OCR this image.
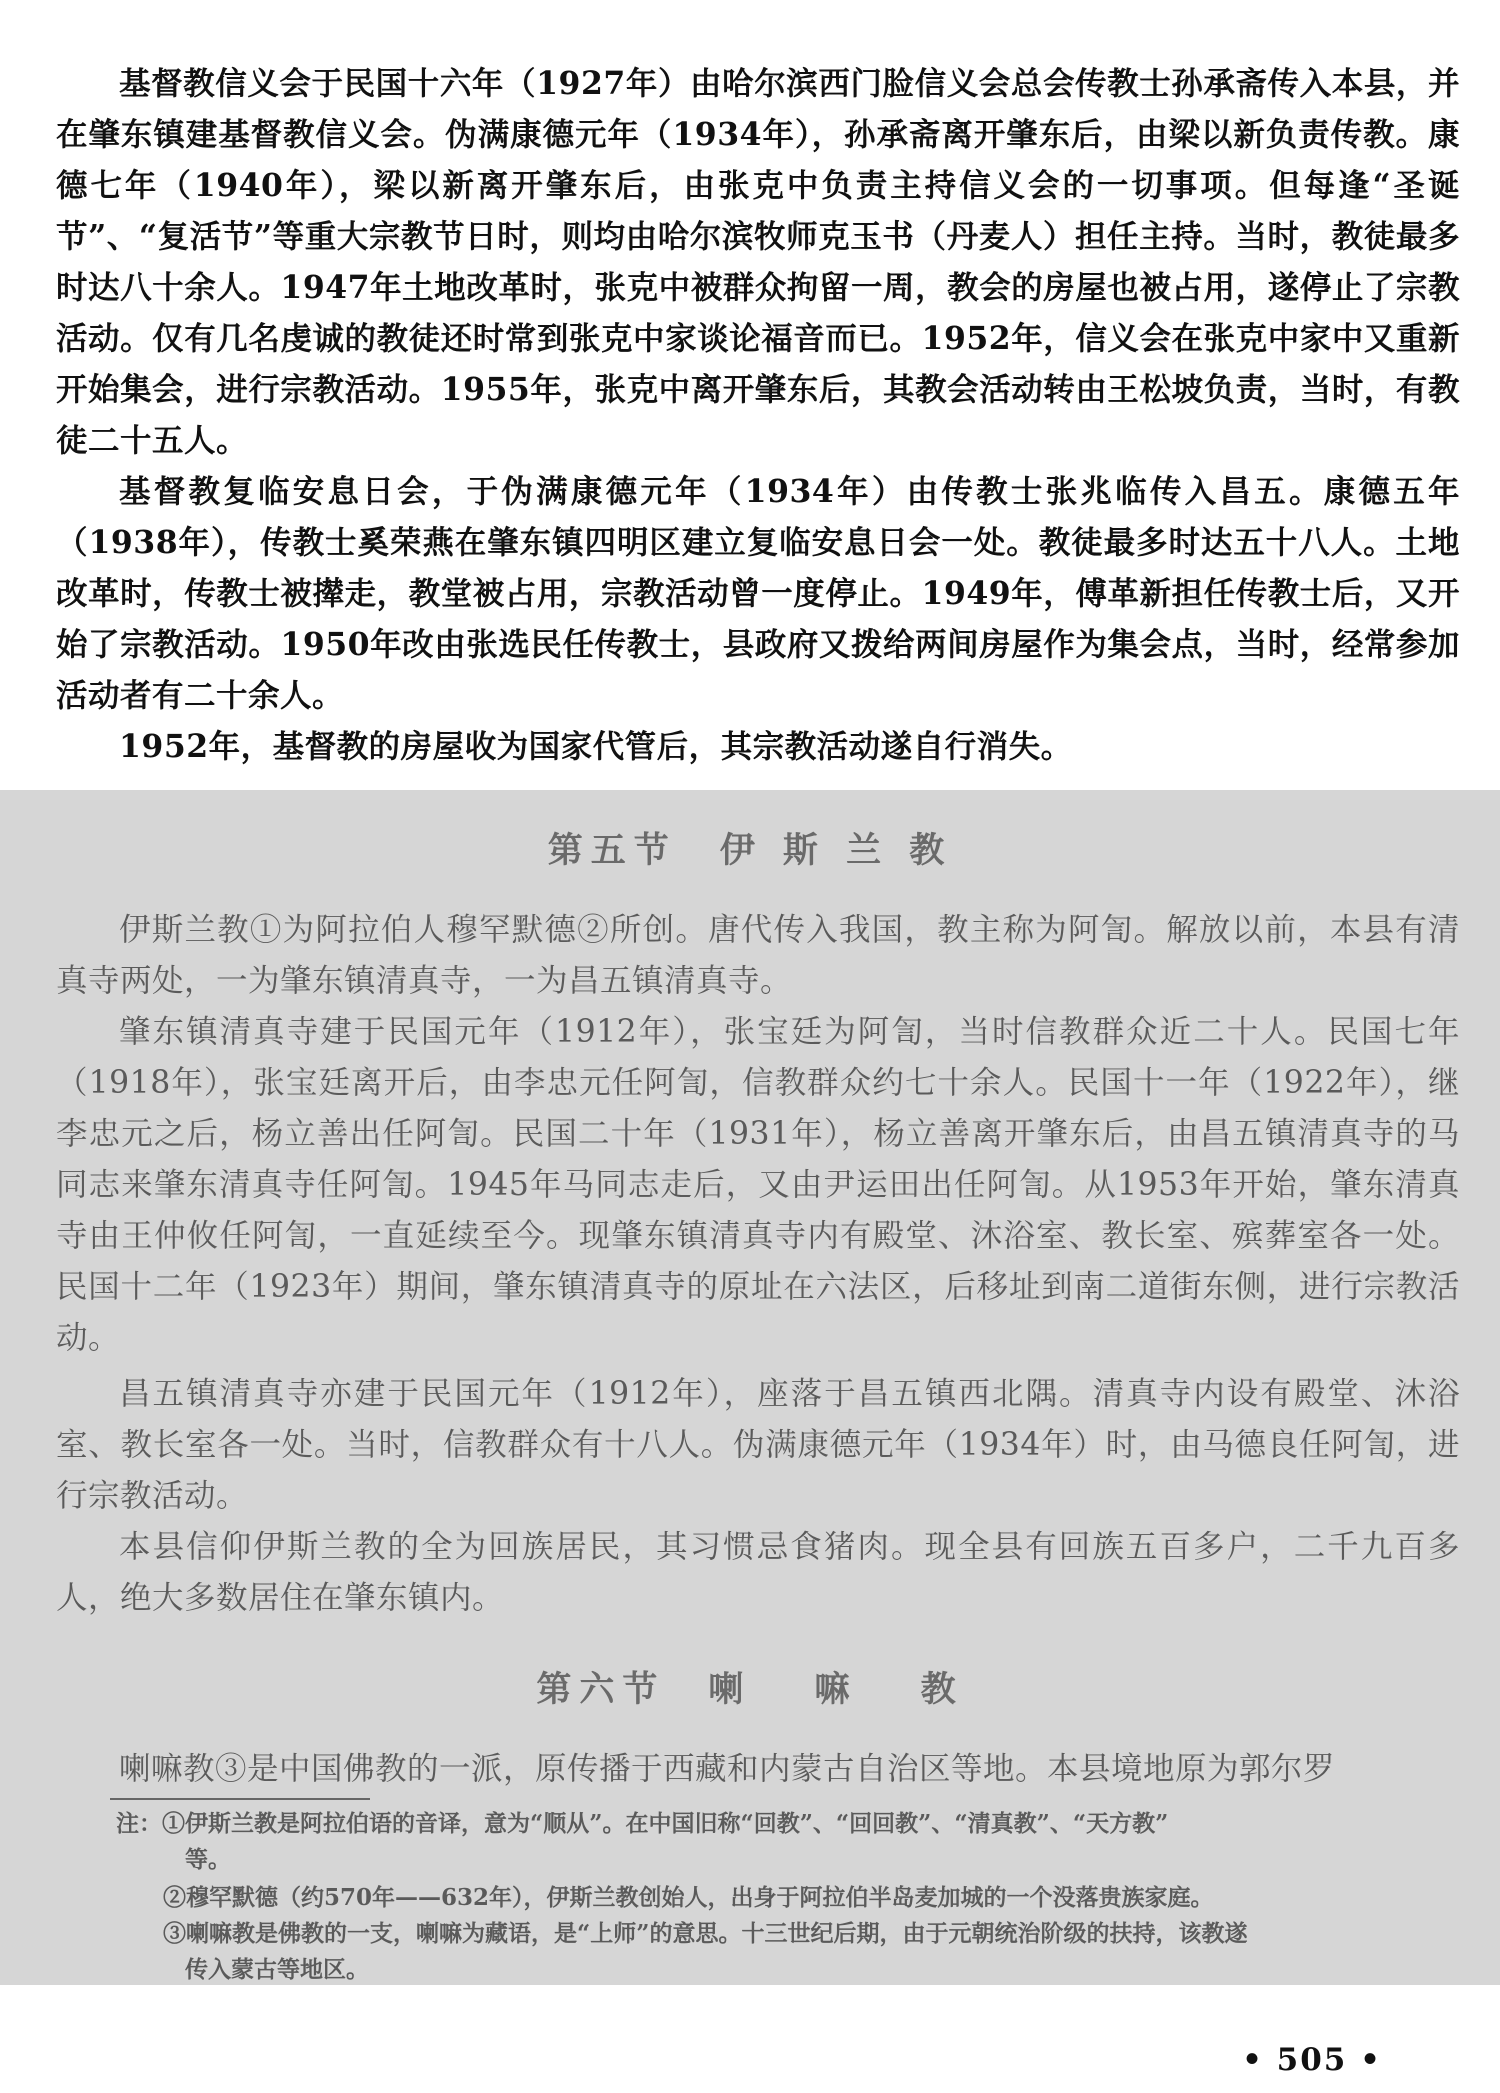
基督教信义会于民国十六年（1927年）由哈尔滨西门脸信义会总会传教士孙承斋传入本县，并在肇东镇建基督教信义会。伪满康德元年（1934年），孙承斋离开肇东后，由梁以新负责传教。康德七年（1940年），梁以新离开肇东后，由张克中负责主持信义会的一切事项。但每逢“圣诞节”、“复活节”等重大宗教节日时，则均由哈尔滨牧师克玉书（丹麦人）担任主持。当时，教徒最多时达八十余人。1947年土地改革时，张克中被群众拘留一周，教会的房屋也被占用，遂停止了宗教活动。仅有几名虔诚的教徒还时常到张克中家谈论福音而已。1952年，信义会在张克中家中又重新开始集会，进行宗教活动。1955年，张克中离开肇东后，其教会活动转由王松坡负责，当时，有教徒二十五人。

基督教复临安息日会，于伪满康德元年（1934年）由传教士张兆临传入昌五。康德五年（1938年），传教士奚荣燕在肇东镇四明区建立复临安息日会一处。教徒最多时达五十八人。土地改革时，传教士被撵走，教堂被占用，宗教活动曾一度停止。1949年，傅革新担任传教士后，又开始了宗教活动。1950年改由张选民任传教士，县政府又拨给两间房屋作为集会点，当时，经常参加活动者有二十余人。

1952年，基督教的房屋收为国家代管后，其宗教活动遂自行消失。

第五节　伊 斯 兰 教

伊斯兰教①为阿拉伯人穆罕默德②所创。唐代传入我国，教主称为阿訇。解放以前，本县有清真寺两处，一为肇东镇清真寺，一为昌五镇清真寺。

肇东镇清真寺建于民国元年（1912年），张宝廷为阿訇，当时信教群众近二十人。民国七年（1918年），张宝廷离开后，由李忠元任阿訇，信教群众约七十余人。民国十一年（1922年），继李忠元之后，杨立善出任阿訇。民国二十年（1931年），杨立善离开肇东后，由昌五镇清真寺的马同志来肇东清真寺任阿訇。1945年马同志走后，又由尹运田出任阿訇。从1953年开始，肇东清真寺由王仲攸任阿訇，一直延续至今。现肇东镇清真寺内有殿堂、沐浴室、教长室、殡葬室各一处。民国十二年（1923年）期间，肇东镇清真寺的原址在六法区，后移址到南二道街东侧，进行宗教活动。

昌五镇清真寺亦建于民国元年（1912年），座落于昌五镇西北隅。清真寺内设有殿堂、沐浴室、教长室各一处。当时，信教群众有十八人。伪满康德元年（1934年）时，由马德良任阿訇，进行宗教活动。

本县信仰伊斯兰教的全为回族居民，其习惯忌食猪肉。现全县有回族五百多户，二千九百多人，绝大多数居住在肇东镇内。

第六节　喇　 嘛　 教

喇嘛教③是中国佛教的一派，原传播于西藏和内蒙古自治区等地。本县境地原为郭尔罗

注：①伊斯兰教是阿拉伯语的音译，意为“顺从”。在中国旧称“回教”、“回回教”、“清真教”、“天方教”

等。

②穆罕默德（约570年——632年），伊斯兰教创始人，出身于阿拉伯半岛麦加城的一个没落贵族家庭。

③喇嘛教是佛教的一支，喇嘛为藏语，是“上师”的意思。十三世纪后期，由于元朝统治阶级的扶持，该教遂

传入蒙古等地区。

• 505 •
